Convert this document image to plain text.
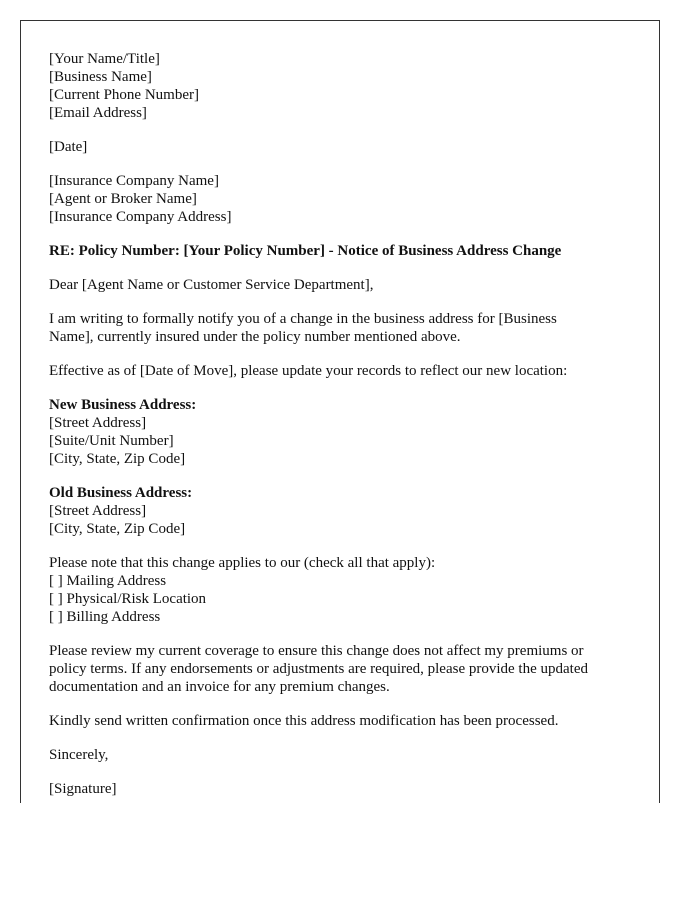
[Your Name/Title]
[Business Name]
[Current Phone Number]
[Email Address]
[Date]
[Insurance Company Name]
[Agent or Broker Name]
[Insurance Company Address]
RE: Policy Number: [Your Policy Number] - Notice of Business Address Change
Dear [Agent Name or Customer Service Department],
I am writing to formally notify you of a change in the business address for [Business
Name], currently insured under the policy number mentioned above.
Effective as of [Date of Move], please update your records to reflect our new location:
New Business Address:
[Street Address]
[Suite/Unit Number]
[City, State, Zip Code]
Old Business Address:
[Street Address]
[City, State, Zip Code]
Please note that this change applies to our (check all that apply):
[ ] Mailing Address
[ ] Physical/Risk Location
[ ] Billing Address
Please review my current coverage to ensure this change does not affect my premiums or
policy terms. If any endorsements or adjustments are required, please provide the updated
documentation and an invoice for any premium changes.
Kindly send written confirmation once this address modification has been processed.
Sincerely,
[Signature]
